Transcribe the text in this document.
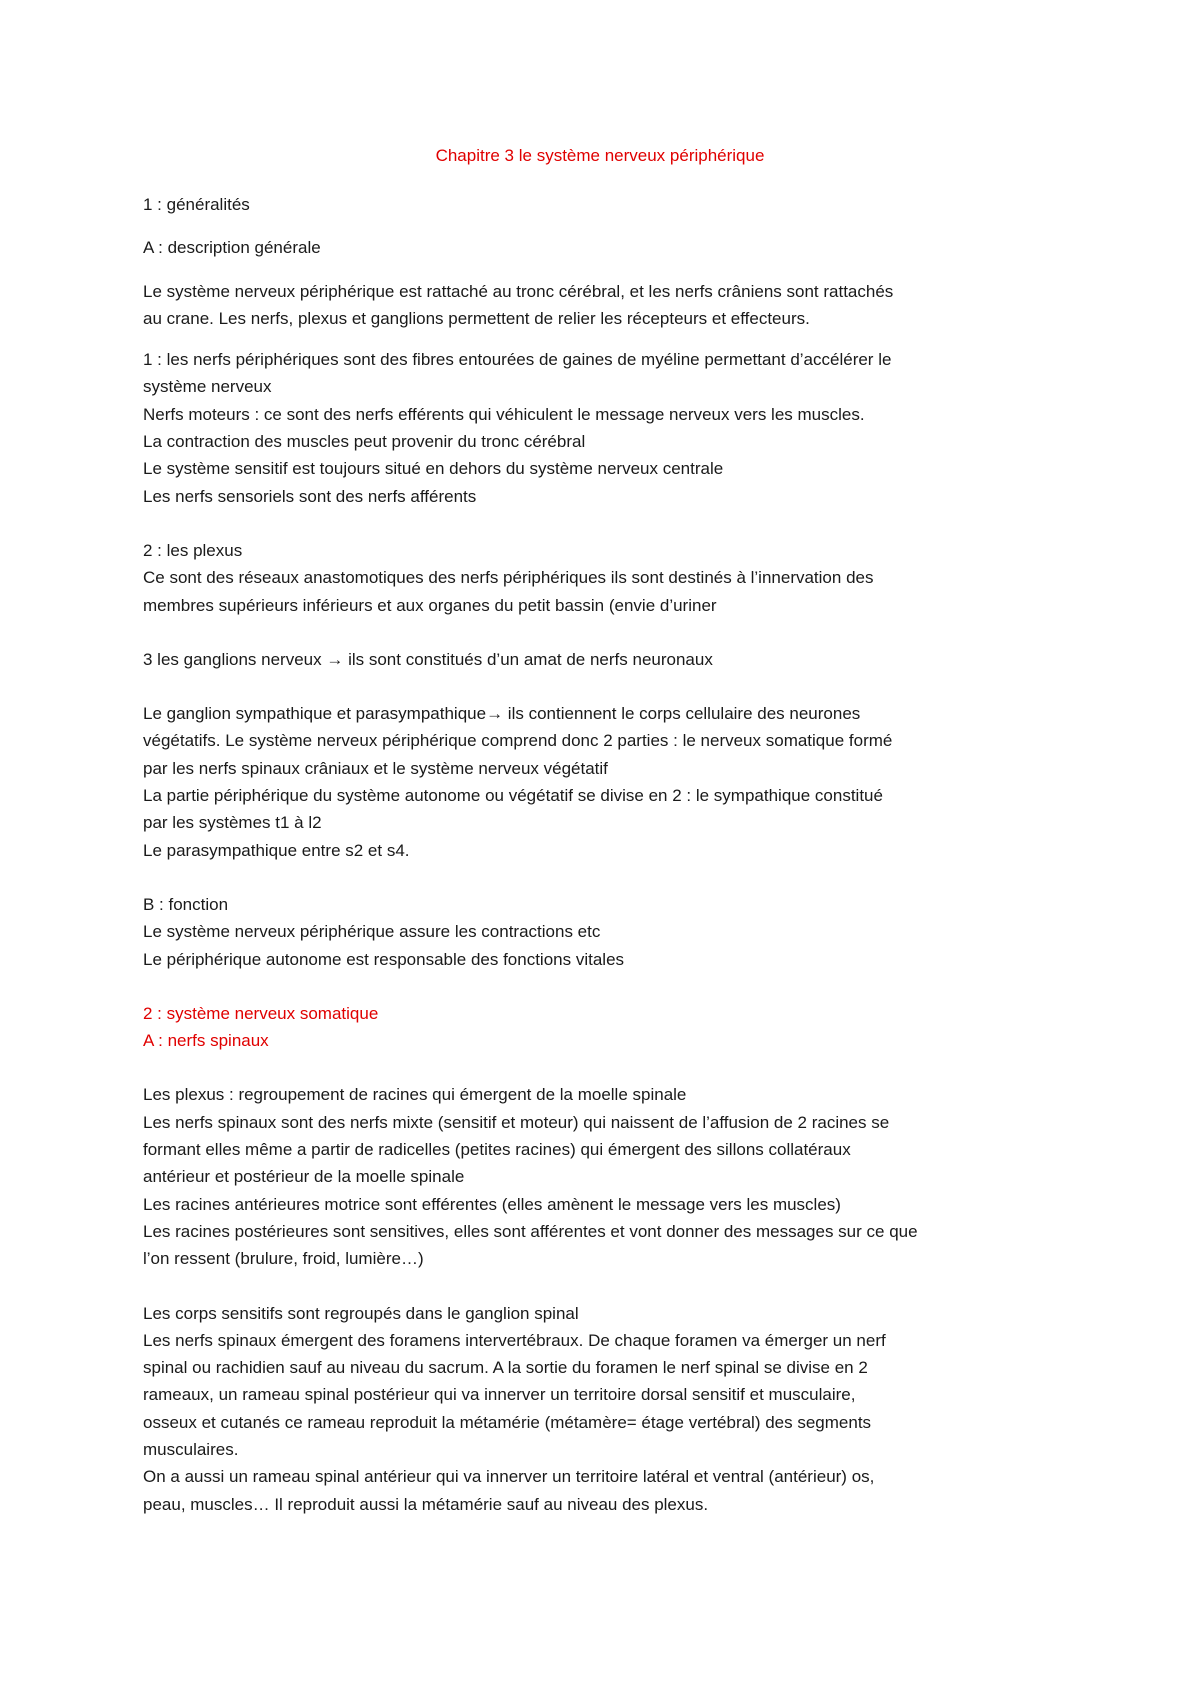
Chapitre 3 le système nerveux périphérique

1 : généralités

A : description générale

Le système nerveux périphérique est rattaché au tronc cérébral, et les nerfs crâniens sont rattachés

au crane. Les nerfs, plexus et ganglions permettent de relier les récepteurs et effecteurs.

1 : les nerfs périphériques sont des fibres entourées de gaines de myéline permettant d’accélérer le

système nerveux

Nerfs moteurs : ce sont des nerfs efférents qui véhiculent le message nerveux vers les muscles.

La contraction des muscles peut provenir du tronc cérébral

Le système sensitif est toujours situé en dehors du système nerveux centrale

Les nerfs sensoriels sont des nerfs afférents

2 : les plexus

Ce sont des réseaux anastomotiques des nerfs périphériques ils sont destinés à l’innervation des

membres supérieurs inférieurs et aux organes du petit bassin (envie d’uriner

3 les ganglions nerveux → ils sont constitués d’un amat de nerfs neuronaux

Le ganglion sympathique et parasympathique→ ils contiennent le corps cellulaire des neurones

végétatifs. Le système nerveux périphérique comprend donc 2 parties : le nerveux somatique formé

par les nerfs spinaux crâniaux et le système nerveux végétatif

La partie périphérique du système autonome ou végétatif se divise en 2 : le sympathique constitué

par les systèmes t1 à l2

Le parasympathique entre s2 et s4.

B : fonction

Le système nerveux périphérique assure les contractions etc

Le périphérique autonome est responsable des fonctions vitales

2 : système nerveux somatique

A : nerfs spinaux

Les plexus : regroupement de racines qui émergent de la moelle spinale

Les nerfs spinaux sont des nerfs mixte (sensitif et moteur) qui naissent de l’affusion de 2 racines se

formant elles même a partir de radicelles (petites racines) qui émergent des sillons collatéraux

antérieur et postérieur de la moelle spinale

Les racines antérieures motrice sont efférentes (elles amènent le message vers les muscles)

Les racines postérieures sont sensitives, elles sont afférentes et vont donner des messages sur ce que

l’on ressent (brulure, froid, lumière…)

Les corps sensitifs sont regroupés dans le ganglion spinal

Les nerfs spinaux émergent des foramens intervertébraux. De chaque foramen va émerger un nerf

spinal ou rachidien sauf au niveau du sacrum. A la sortie du foramen le nerf spinal se divise en 2

rameaux, un rameau spinal postérieur qui va innerver un territoire dorsal sensitif et musculaire,

osseux et cutanés ce rameau reproduit la métamérie (métamère= étage vertébral) des segments

musculaires.

On a aussi un rameau spinal antérieur qui va innerver un territoire latéral et ventral (antérieur) os,

peau, muscles… Il reproduit aussi la métamérie sauf au niveau des plexus.
